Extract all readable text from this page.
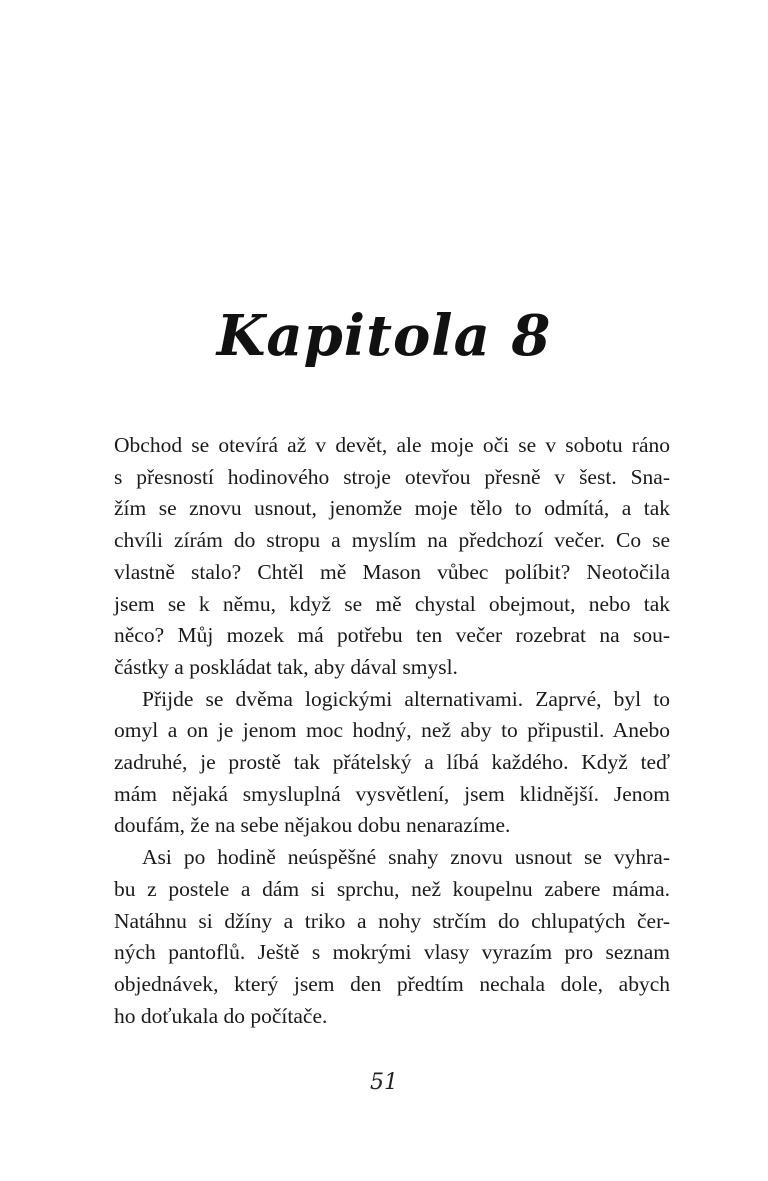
Kapitola 8

Obchod se otevírá až v devět, ale moje oči se v sobotu ráno
s přesností hodinového stroje otevřou přesně v šest. Sna-
žím se znovu usnout, jenomže moje tělo to odmítá, a tak
chvíli zírám do stropu a myslím na předchozí večer. Co se
vlastně stalo? Chtěl mě Mason vůbec políbit? Neotočila
jsem se k němu, když se mě chystal obejmout, nebo tak
něco? Můj mozek má potřebu ten večer rozebrat na sou-
částky a poskládat tak, aby dával smysl.

Přijde se dvěma logickými alternativami. Zaprvé, byl to
omyl a on je jenom moc hodný, než aby to připustil. Anebo
zadruhé, je prostě tak přátelský a líbá každého. Když teď
mám nějaká smysluplná vysvětlení, jsem klidnější. Jenom
doufám, že na sebe nějakou dobu nenarazíme.

Asi po hodině neúspěšné snahy znovu usnout se vyhra-
bu z postele a dám si sprchu, než koupelnu zabere máma.
Natáhnu si džíny a triko a nohy strčím do chlupatých čer-
ných pantoflů. Ještě s mokrými vlasy vyrazím pro seznam
objednávek, který jsem den předtím nechala dole, abych
ho doťukala do počítače.

51
